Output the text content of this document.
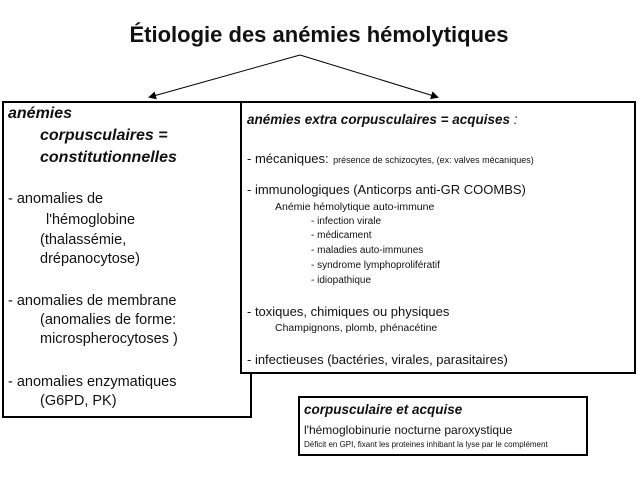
Étiologie des anémies hémolytiques
anémies
corpusculaires =
constitutionnelles
- anomalies de
l'hémoglobine
(thalassémie,
drépanocytose)
- anomalies de membrane
(anomalies de forme:
microspherocytoses )
- anomalies enzymatiques
(G6PD, PK)
anémies extra corpusculaires = acquises :
- mécaniques: présence de schizocytes, (ex: valves mécaniques)
- immunologiques (Anticorps anti-GR COOMBS)
Anémie hémolytique auto-immune
- infection virale
- médicament
- maladies auto-immunes
- syndrome lymphoprolifératif
- idiopathique
- toxiques, chimiques ou physiques
Champignons, plomb, phénacétine
- infectieuses (bactéries, virales, parasitaires)
corpusculaire et acquise
l'hémoglobinurie nocturne paroxystique
Déficit en GPI, fixant les proteines inhibant la lyse par le complément
